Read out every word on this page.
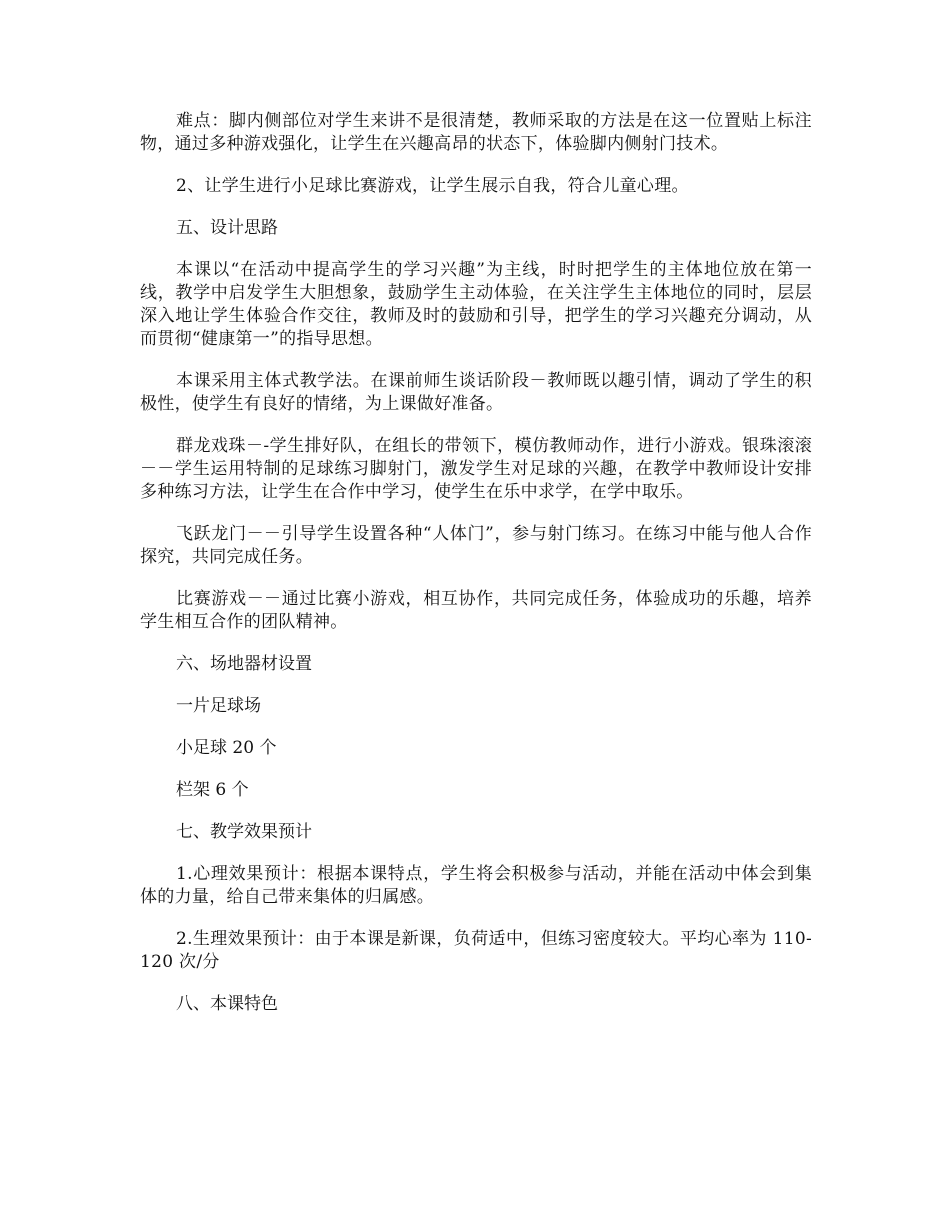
难点：脚内侧部位对学生来讲不是很清楚，教师采取的方法是在这一位置贴上标注物，通过多种游戏强化，让学生在兴趣高昂的状态下，体验脚内侧射门技术。

2、让学生进行小足球比赛游戏，让学生展示自我，符合儿童心理。

五、设计思路

本课以“在活动中提高学生的学习兴趣”为主线，时时把学生的主体地位放在第一线，教学中启发学生大胆想象，鼓励学生主动体验，在关注学生主体地位的同时，层层深入地让学生体验合作交往，教师及时的鼓励和引导，把学生的学习兴趣充分调动，从而贯彻“健康第一”的指导思想。

本课采用主体式教学法。在课前师生谈话阶段－教师既以趣引情，调动了学生的积极性，使学生有良好的情绪，为上课做好准备。

群龙戏珠－-学生排好队，在组长的带领下，模仿教师动作，进行小游戏。银珠滚滚－－学生运用特制的足球练习脚射门，激发学生对足球的兴趣，在教学中教师设计安排多种练习方法，让学生在合作中学习，使学生在乐中求学，在学中取乐。

飞跃龙门－－引导学生设置各种“人体门”，参与射门练习。在练习中能与他人合作探究，共同完成任务。

比赛游戏－－通过比赛小游戏，相互协作，共同完成任务，体验成功的乐趣，培养学生相互合作的团队精神。

六、场地器材设置

一片足球场

小足球 20 个

栏架 6 个

七、教学效果预计

1.心理效果预计：根据本课特点，学生将会积极参与活动，并能在活动中体会到集体的力量，给自己带来集体的归属感。

2.生理效果预计：由于本课是新课，负荷适中，但练习密度较大。平均心率为 110-120 次/分

八、本课特色
